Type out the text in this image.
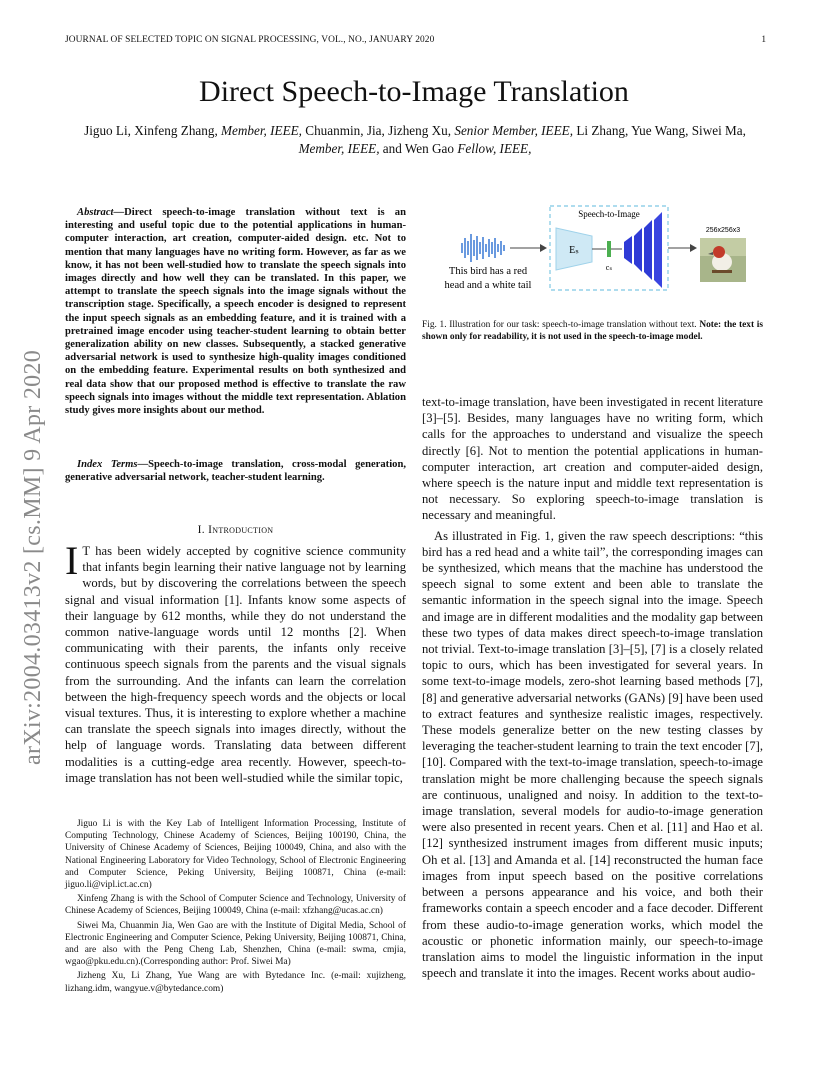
JOURNAL OF SELECTED TOPIC ON SIGNAL PROCESSING, VOL., NO., JANUARY 2020	1
Direct Speech-to-Image Translation
Jiguo Li, Xinfeng Zhang, Member, IEEE, Chuanmin, Jia, Jizheng Xu, Senior Member, IEEE, Li Zhang, Yue Wang, Siwei Ma, Member, IEEE, and Wen Gao Fellow, IEEE,
arXiv:2004.03413v2 [cs.MM] 9 Apr 2020
Abstract—Direct speech-to-image translation without text is an interesting and useful topic due to the potential applications in human-computer interaction, art creation, computer-aided design. etc. Not to mention that many languages have no writing form. However, as far as we know, it has not been well-studied how to translate the speech signals into images directly and how well they can be translated. In this paper, we attempt to translate the speech signals into the image signals without the transcription stage. Specifically, a speech encoder is designed to represent the input speech signals as an embedding feature, and it is trained with a pretrained image encoder using teacher-student learning to obtain better generalization ability on new classes. Subsequently, a stacked generative adversarial network is used to synthesize high-quality images conditioned on the embedding feature. Experimental results on both synthesized and real data show that our proposed method is effective to translate the raw speech signals into images without the middle text representation. Ablation study gives more insights about our method.
Index Terms—Speech-to-image translation, cross-modal generation, generative adversarial network, teacher-student learning.
I. Introduction
I T has been widely accepted by cognitive science community that infants begin learning their native language not by learning words, but by discovering the correlations between the speech signal and visual information [1]. Infants know some aspects of their language by 612 months, while they do not understand the common native-language words until 12 months [2]. When communicating with their parents, the infants only receive continuous speech signals from the parents and the visual signals from the surrounding. And the infants can learn the correlation between the high-frequency speech words and the objects or local visual textures. Thus, it is interesting to explore whether a machine can translate the speech signals into images directly, without the help of language words. Translating data between different modalities is a cutting-edge area recently. However, speech-to-image translation has not been well-studied while the similar topic,

Jiguo Li is with the Key Lab of Intelligent Information Processing, Institute of Computing Technology, Chinese Academy of Sciences, Beijing 100190, China, the University of Chinese Academy of Sciences, Beijing 100049, China, and also with the National Engineering Laboratory for Video Technology, School of Electronic Engineering and Computer Science, Peking University, Beijing 100871, China (e-mail: jiguo.li@vipl.ict.ac.cn)

Xinfeng Zhang is with the School of Computer Science and Technology, University of Chinese Academy of Sciences, Beijing 100049, China (e-mail: xfzhang@ucas.ac.cn)

Siwei Ma, Chuanmin Jia, Wen Gao are with the Institute of Digital Media, School of Electronic Engineering and Computer Science, Peking University, Beijing 100871, China, and are also with the Peng Cheng Lab, Shenzhen, China (e-mail: swma, cmjia, wgao@pku.edu.cn).(Corresponding author: Prof. Siwei Ma)

Jizheng Xu, Li Zhang, Yue Wang are with Bytedance Inc. (e-mail: xujizheng, lizhang.idm, wangyue.v@bytedance.com)

This bird has a red
head and a white tail
Speech-to-Image
Eₛ
cₛ
256x256x3
Fig. 1. Illustration for our task: speech-to-image translation without text. Note: the text is shown only for readability, it is not used in the speech-to-image model.

text-to-image translation, have been investigated in recent literature [3]–[5]. Besides, many languages have no writing form, which calls for the approaches to understand and visualize the speech directly [6]. Not to mention the potential applications in human-computer interaction, art creation and computer-aided design, where speech is the nature input and middle text representation is not necessary. So exploring speech-to-image translation is necessary and meaningful.

As illustrated in Fig. 1, given the raw speech descriptions: “this bird has a red head and a white tail”, the corresponding images can be synthesized, which means that the machine has understood the speech signal to some extent and been able to translate the semantic information in the speech signal into the image. Speech and image are in different modalities and the modality gap between these two types of data makes direct speech-to-image translation not trivial. Text-to-image translation [3]–[5], [7] is a closely related topic to ours, which has been investigated for several years. In some text-to-image models, zero-shot learning based methods [7], [8] and generative adversarial networks (GANs) [9] have been used to extract features and synthesize realistic images, respectively. These models generalize better on the new testing classes by leveraging the teacher-student learning to train the text encoder [7], [10]. Compared with the text-to-image translation, speech-to-image translation might be more challenging because the speech signals are continuous, unaligned and noisy. In addition to the text-to-image translation, several models for audio-to-image generation were also presented in recent years. Chen et al. [11] and Hao et al. [12] synthesized instrument images from different music inputs; Oh et al. [13] and Amanda et al. [14] reconstructed the human face images from input speech based on the positive correlations between a persons appearance and his voice, and both their frameworks contain a speech encoder and a face decoder. Different from these audio-to-image generation works, which model the acoustic or phonetic information mainly, our speech-to-image translation aims to model the linguistic information in the input speech and translate it into the images. Recent works about audio-
